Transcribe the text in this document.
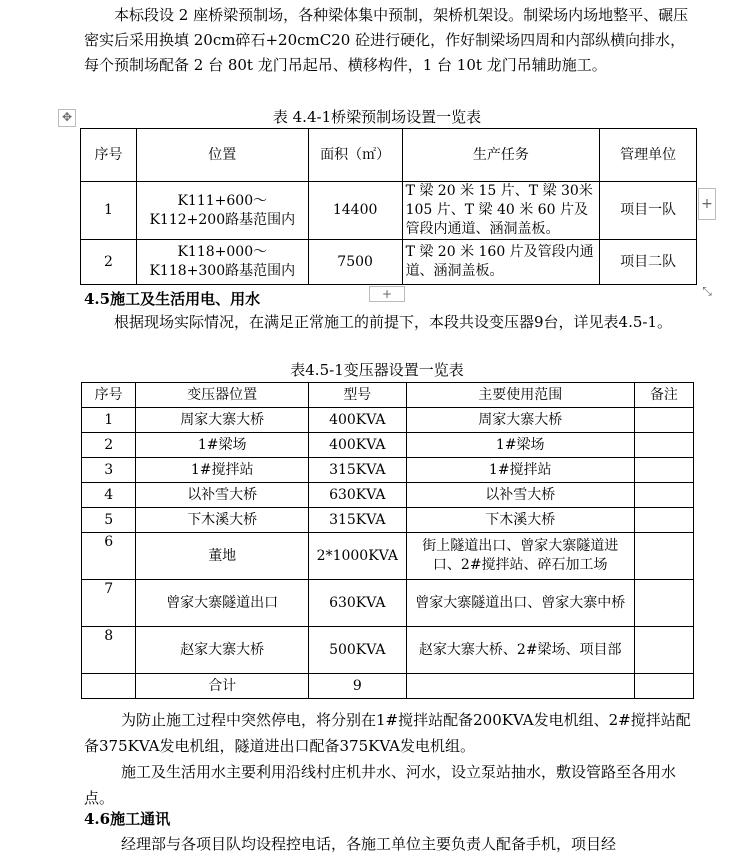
本标段设 2 座桥梁预制场，各种梁体集中预制，架桥机架设。制梁场内场地整平、碾压密实后采用换填 20cm碎石+20cmC20 砼进行硬化，作好制梁场四周和内部纵横向排水，每个预制场配备 2 台 80t 龙门吊起吊、横移构件，1 台 10t 龙门吊辅助施工。
✥	表 4.4-1桥梁预制场设置一览表
序号	位置	面积（㎡）	生产任务	管理单位
1	K111+600～K112+200路基范围内	14400	T 梁 20 米 15 片、T 梁 30米 105 片、T 梁 40 米 60 片及管段内通道、涵洞盖板。	项目一队
2	K118+000～K118+300路基范围内	7500	T 梁 20 米 160 片及管段内通道、涵洞盖板。	项目二队
+
+	⤡
4.5施工及生活用电、用水
根据现场实际情况，在满足正常施工的前提下，本段共设变压器9台，详见表4.5-1。
表4.5-1变压器设置一览表
序号	变压器位置	型号	主要使用范围	备注
1	周家大寨大桥	400KVA	周家大寨大桥	
2	1#梁场	400KVA	1#梁场	
3	1#搅拌站	315KVA	1#搅拌站	
4	以补雪大桥	630KVA	以补雪大桥	
5	下木溪大桥	315KVA	下木溪大桥	
6	董地	2*1000KVA	街上隧道出口、曾家大寨隧道进口、2#搅拌站、碎石加工场	
7	曾家大寨隧道出口	630KVA	曾家大寨隧道出口、曾家大寨中桥	
8	赵家大寨大桥	500KVA	赵家大寨大桥、2#梁场、项目部	
	合计	9		
为防止施工过程中突然停电，将分别在1#搅拌站配备200KVA发电机组、2#搅拌站配备375KVA发电机组，隧道进出口配备375KVA发电机组。
施工及生活用水主要利用沿线村庄机井水、河水，设立泵站抽水，敷设管路至各用水点。
4.6施工通讯
经理部与各项目队均设程控电话，各施工单位主要负责人配备手机，项目经
